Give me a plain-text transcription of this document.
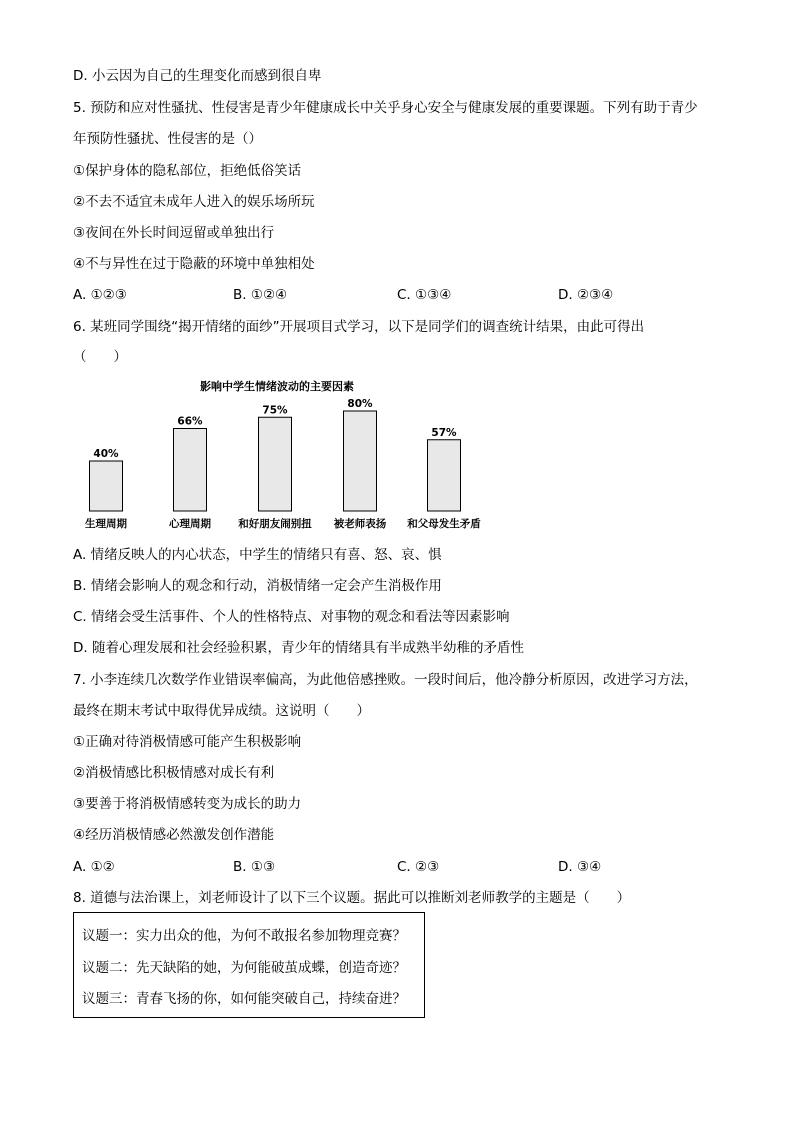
D. 小云因为自己的生理变化而感到很自卑
5. 预防和应对性骚扰、性侵害是青少年健康成长中关乎身心安全与健康发展的重要课题。下列有助于青少
年预防性骚扰、性侵害的是（）
①保护身体的隐私部位，拒绝低俗笑话
②不去不适宜未成年人进入的娱乐场所玩
③夜间在外长时间逗留或单独出行
④不与异性在过于隐蔽的环境中单独相处
A. ①②③	B. ①②④	C. ①③④	D. ②③④
6. 某班同学围绕“揭开情绪的面纱”开展项目式学习，以下是同学们的调查统计结果，由此可得出
（　　）
影响中学生情绪波动的主要因素
40%
生理周期
66%
心理周期
75%
和好朋友闹别扭
80%
被老师表扬
57%
和父母发生矛盾
A. 情绪反映人的内心状态，中学生的情绪只有喜、怒、哀、惧
B. 情绪会影响人的观念和行动，消极情绪一定会产生消极作用
C. 情绪会受生活事件、个人的性格特点、对事物的观念和看法等因素影响
D. 随着心理发展和社会经验积累，青少年的情绪具有半成熟半幼稚的矛盾性
7. 小李连续几次数学作业错误率偏高，为此他倍感挫败。一段时间后，他冷静分析原因，改进学习方法，
最终在期末考试中取得优异成绩。这说明（　　）
①正确对待消极情感可能产生积极影响
②消极情感比积极情感对成长有利
③要善于将消极情感转变为成长的助力
④经历消极情感必然激发创作潜能
A. ①②	B. ①③	C. ②③	D. ③④
8. 道德与法治课上，刘老师设计了以下三个议题。据此可以推断刘老师教学的主题是（　　）
议题一：实力出众的他，为何不敢报名参加物理竞赛？
议题二：先天缺陷的她，为何能破茧成蝶，创造奇迹？
议题三：青春飞扬的你，如何能突破自己，持续奋进？
